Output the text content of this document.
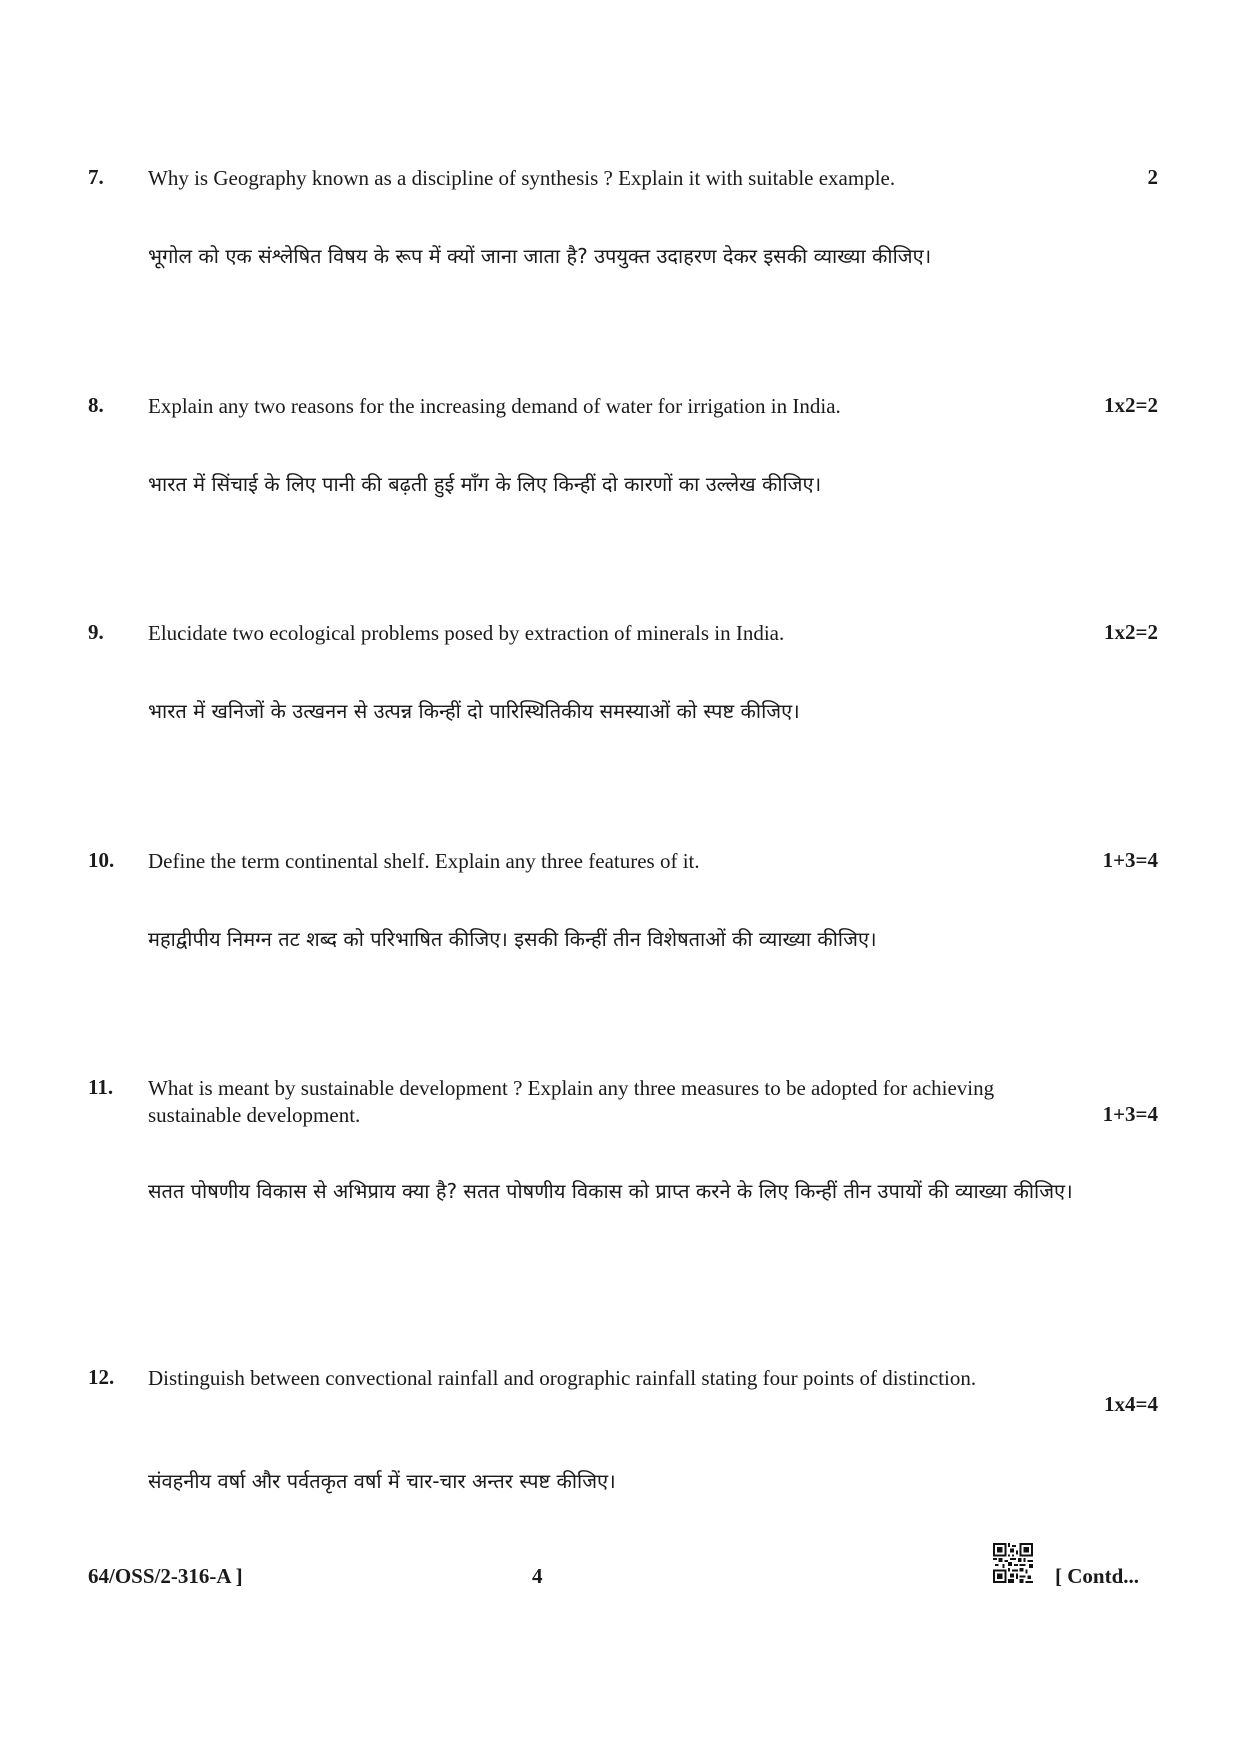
7. Why is Geography known as a discipline of synthesis ? Explain it with suitable example.	2
भूगोल को एक संश्लेषित विषय के रूप में क्यों जाना जाता है? उपयुक्त उदाहरण देकर इसकी व्याख्या कीजिए।
8. Explain any two reasons for the increasing demand of water for irrigation in India.	1x2=2
भारत में सिंचाई के लिए पानी की बढ़ती हुई माँग के लिए किन्हीं दो कारणों का उल्लेख कीजिए।
9. Elucidate two ecological problems posed by extraction of minerals in India.	1x2=2
भारत में खनिजों के उत्खनन से उत्पन्न किन्हीं दो पारिस्थितिकीय समस्याओं को स्पष्ट कीजिए।
10. Define the term continental shelf. Explain any three features of it.	1+3=4
महाद्वीपीय निमग्न तट शब्द को परिभाषित कीजिए। इसकी किन्हीं तीन विशेषताओं की व्याख्या कीजिए।
11. What is meant by sustainable development ? Explain any three measures to be adopted for achieving sustainable development.	1+3=4
सतत पोषणीय विकास से अभिप्राय क्या है? सतत पोषणीय विकास को प्राप्त करने के लिए किन्हीं तीन उपायों की व्याख्या कीजिए।
12. Distinguish between convectional rainfall and orographic rainfall stating four points of distinction.
1x4=4
संवहनीय वर्षा और पर्वतकृत वर्षा में चार-चार अन्तर स्पष्ट कीजिए।
64/OSS/2-316-A ]	4	[ Contd...
